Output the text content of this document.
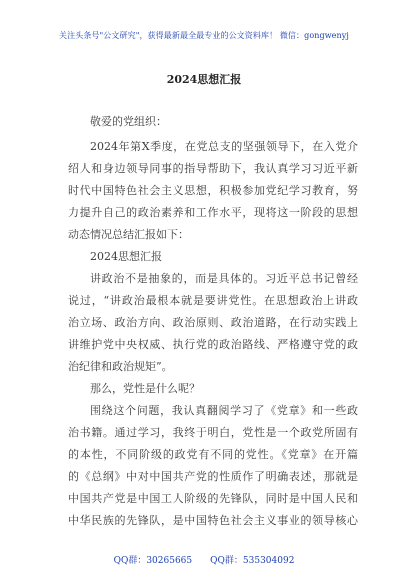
关注头条号"公文研究"，获得最新最全最专业的公文资料库！ 微信：gongwenyj
2024思想汇报
敬爱的党组织：
2024年第X季度，在党总支的坚强领导下，在入党介
绍人和身边领导同事的指导帮助下，我认真学习习近平新
时代中国特色社会主义思想，积极参加党纪学习教育，努
力提升自己的政治素养和工作水平，现将这一阶段的思想
动态情况总结汇报如下：
2024思想汇报
讲政治不是抽象的，而是具体的。习近平总书记曾经
说过，“讲政治最根本就是要讲党性。在思想政治上讲政
治立场、政治方向、政治原则、政治道路，在行动实践上
讲维护党中央权威、执行党的政治路线、严格遵守党的政
治纪律和政治规矩”。
那么，党性是什么呢？
围绕这个问题，我认真翻阅学习了《党章》和一些政
治书籍。通过学习，我终于明白，党性是一个政党所固有
的本性，不同阶级的政党有不同的党性。《党章》在开篇
的《总纲》中对中国共产党的性质作了明确表述，那就是
中国共产党是中国工人阶级的先锋队，同时是中国人民和
中华民族的先锋队，是中国特色社会主义事业的领导核心
QQ群：30265665 QQ群：535304092
